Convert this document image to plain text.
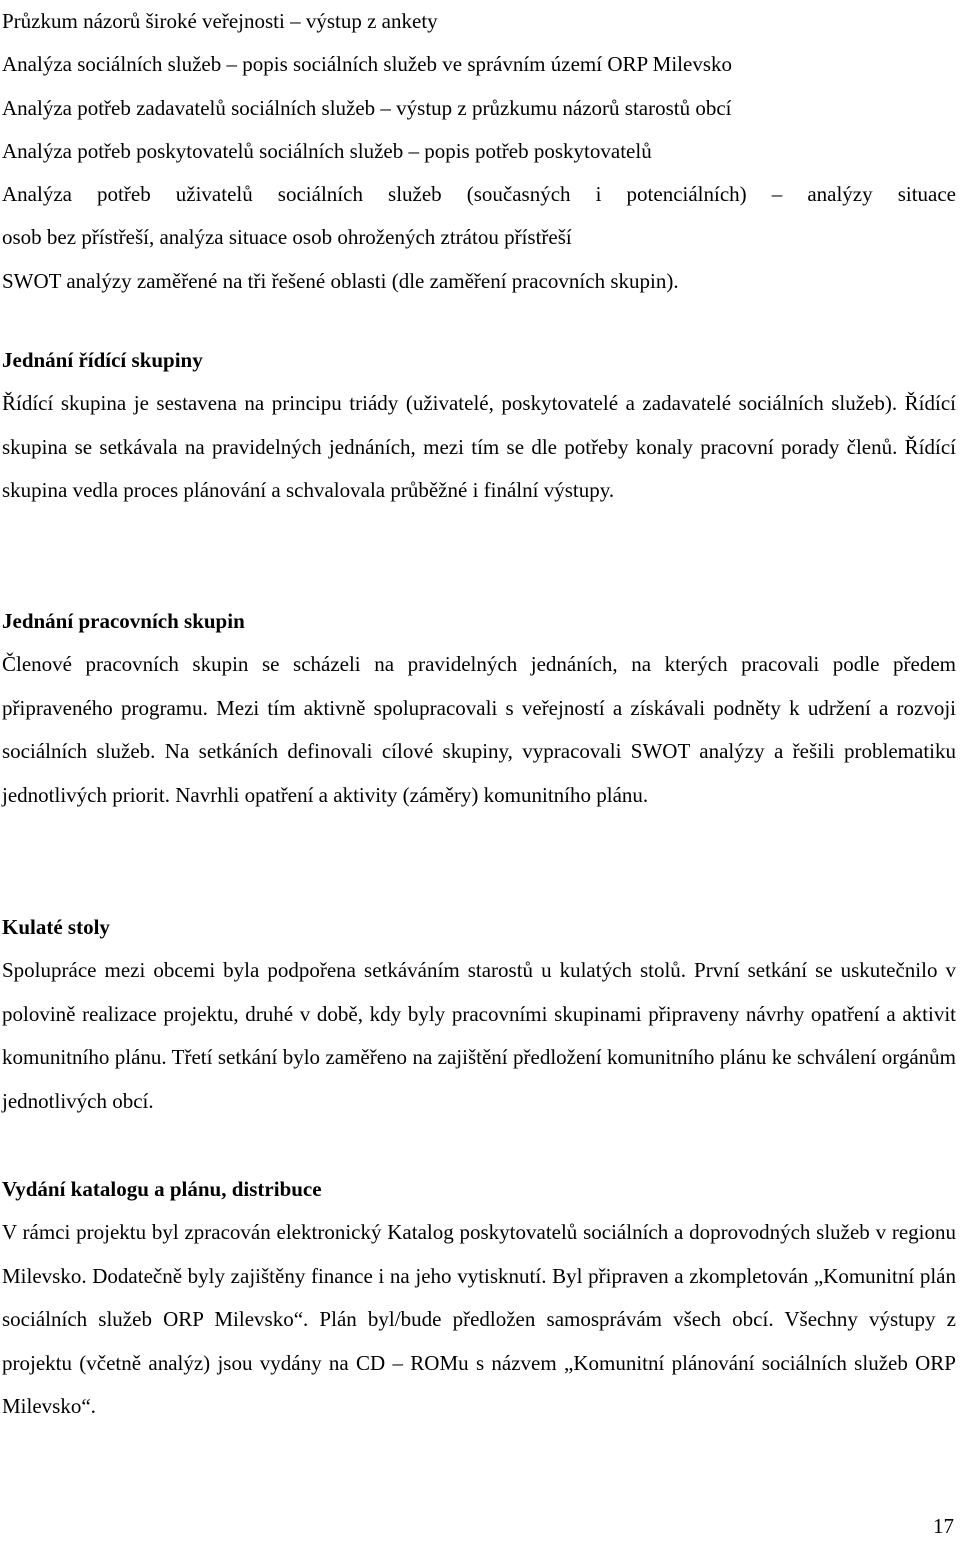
Průzkum názorů široké veřejnosti – výstup z ankety
Analýza sociálních služeb – popis sociálních služeb ve správním území ORP Milevsko
Analýza potřeb zadavatelů sociálních služeb – výstup z průzkumu názorů starostů obcí
Analýza potřeb poskytovatelů sociálních služeb – popis potřeb poskytovatelů
Analýza potřeb uživatelů sociálních služeb (současných i potenciálních) – analýzy situace
osob bez přístřeší, analýza situace osob ohrožených ztrátou přístřeší
SWOT analýzy zaměřené na tři řešené oblasti (dle zaměření pracovních skupin).
Jednání řídící skupiny

Řídící skupina je sestavena na principu triády (uživatelé, poskytovatelé a zadavatelé sociálních služeb). Řídící skupina se setkávala na pravidelných jednáních, mezi tím se dle potřeby konaly pracovní porady členů. Řídící skupina vedla proces plánování a schvalovala průběžné i finální výstupy.

Jednání pracovních skupin

Členové pracovních skupin se scházeli na pravidelných jednáních, na kterých pracovali podle předem připraveného programu. Mezi tím aktivně spolupracovali s veřejností a získávali podněty k udržení a rozvoji sociálních služeb. Na setkáních definovali cílové skupiny, vypracovali SWOT analýzy a řešili problematiku jednotlivých priorit. Navrhli opatření a aktivity (záměry) komunitního plánu.

Kulaté stoly

Spolupráce mezi obcemi byla podpořena setkáváním starostů u kulatých stolů. První setkání se uskutečnilo v polovině realizace projektu, druhé v době, kdy byly pracovními skupinami připraveny návrhy opatření a aktivit komunitního plánu. Třetí setkání bylo zaměřeno na zajištění předložení komunitního plánu ke schválení orgánům jednotlivých obcí.

Vydání katalogu a plánu, distribuce

V rámci projektu byl zpracován elektronický Katalog poskytovatelů sociálních a doprovodných služeb v regionu Milevsko. Dodatečně byly zajištěny finance i na jeho vytisknutí. Byl připraven a zkompletován „Komunitní plán sociálních služeb ORP Milevsko“. Plán byl/bude předložen samosprávám všech obcí. Všechny výstupy z projektu (včetně analýz) jsou vydány na CD – ROMu s názvem „Komunitní plánování sociálních služeb ORP Milevsko“.

17
